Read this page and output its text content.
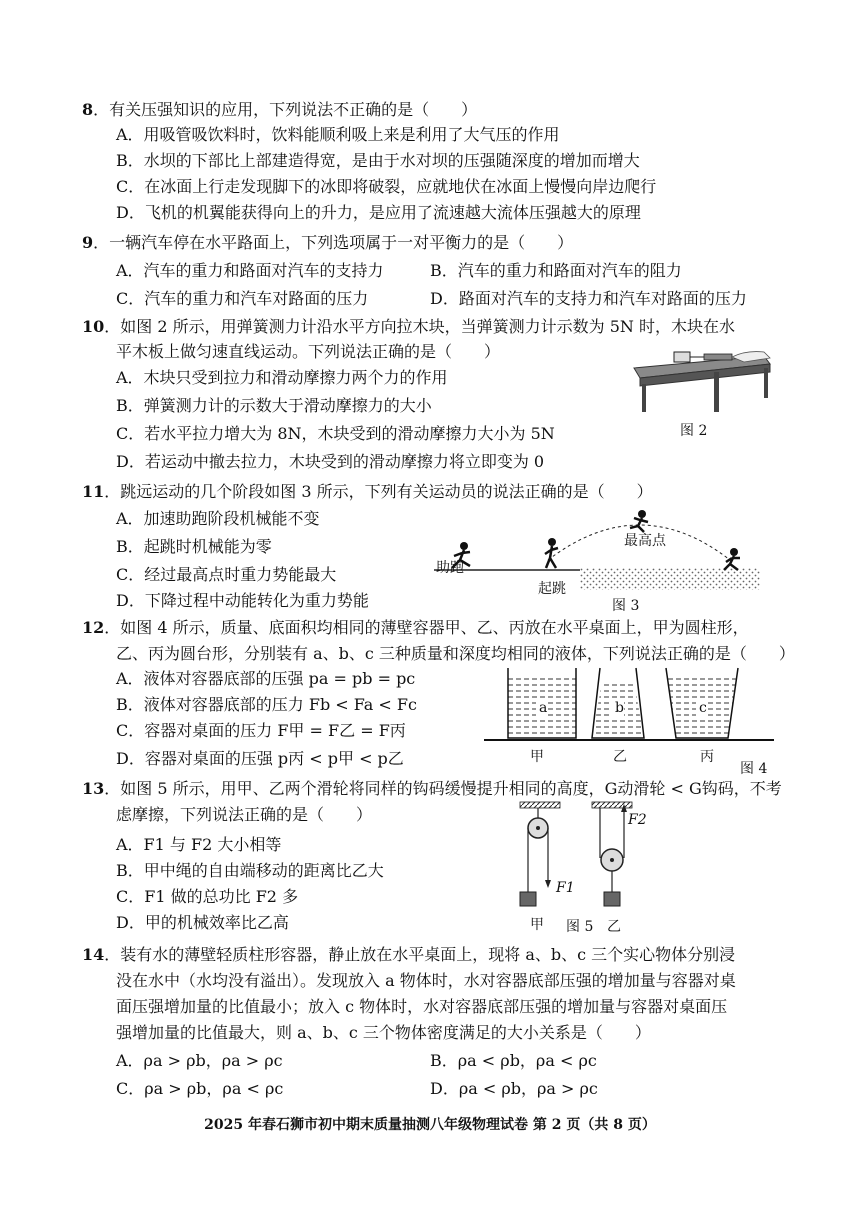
8．有关压强知识的应用，下列说法不正确的是（　　）
A．用吸管吸饮料时，饮料能顺利吸上来是利用了大气压的作用
B．水坝的下部比上部建造得宽，是由于水对坝的压强随深度的增加而增大
C．在冰面上行走发现脚下的冰即将破裂，应就地伏在冰面上慢慢向岸边爬行
D．飞机的机翼能获得向上的升力，是应用了流速越大流体压强越大的原理
9．一辆汽车停在水平路面上，下列选项属于一对平衡力的是（　　）
A．汽车的重力和路面对汽车的支持力	B．汽车的重力和路面对汽车的阻力
C．汽车的重力和汽车对路面的压力	D．路面对汽车的支持力和汽车对路面的压力
10．如图 2 所示，用弹簧测力计沿水平方向拉木块，当弹簧测力计示数为 5N 时，木块在水
平木板上做匀速直线运动。下列说法正确的是（　　）
A．木块只受到拉力和滑动摩擦力两个力的作用
B．弹簧测力计的示数大于滑动摩擦力的大小
C．若水平拉力增大为 8N，木块受到的滑动摩擦力大小为 5N
D．若运动中撤去拉力，木块受到的滑动摩擦力将立即变为 0
图 2
11．跳远运动的几个阶段如图 3 所示，下列有关运动员的说法正确的是（　　）
A．加速助跑阶段机械能不变
B．起跳时机械能为零
C．经过最高点时重力势能最大
D．下降过程中动能转化为重力势能
助跑
起跳
最高点
图 3
12．如图 4 所示，质量、底面积均相同的薄壁容器甲、乙、丙放在水平桌面上，甲为圆柱形，
乙、丙为圆台形，分别装有 a、b、c 三种质量和深度均相同的液体，下列说法正确的是（　　）
A．液体对容器底部的压强 pa = pb = pc
B．液体对容器底部的压力 Fb < Fa < Fc
C．容器对桌面的压力 F甲 = F乙 = F丙
D．容器对桌面的压强 p丙 < p甲 < p乙
a	b	c
甲	乙	丙
图 4
13．如图 5 所示，用甲、乙两个滑轮将同样的钩码缓慢提升相同的高度，G动滑轮 < G钩码，不考
虑摩擦，下列说法正确的是（　　）
A．F1 与 F2 大小相等
B．甲中绳的自由端移动的距离比乙大
C．F1 做的总功比 F2 多
D．甲的机械效率比乙高
F1
F2
甲 图 5 乙
14．装有水的薄壁轻质柱形容器，静止放在水平桌面上，现将 a、b、c 三个实心物体分别浸
没在水中（水均没有溢出）。发现放入 a 物体时，水对容器底部压强的增加量与容器对桌
面压强增加量的比值最小；放入 c 物体时，水对容器底部压强的增加量与容器对桌面压
强增加量的比值最大，则 a、b、c 三个物体密度满足的大小关系是（　　）
A．ρa > ρb，ρa > ρc	B．ρa < ρb，ρa < ρc
C．ρa > ρb，ρa < ρc	D．ρa < ρb，ρa > ρc
2025 年春石狮市初中期末质量抽测八年级物理试卷 第 2 页（共 8 页）
